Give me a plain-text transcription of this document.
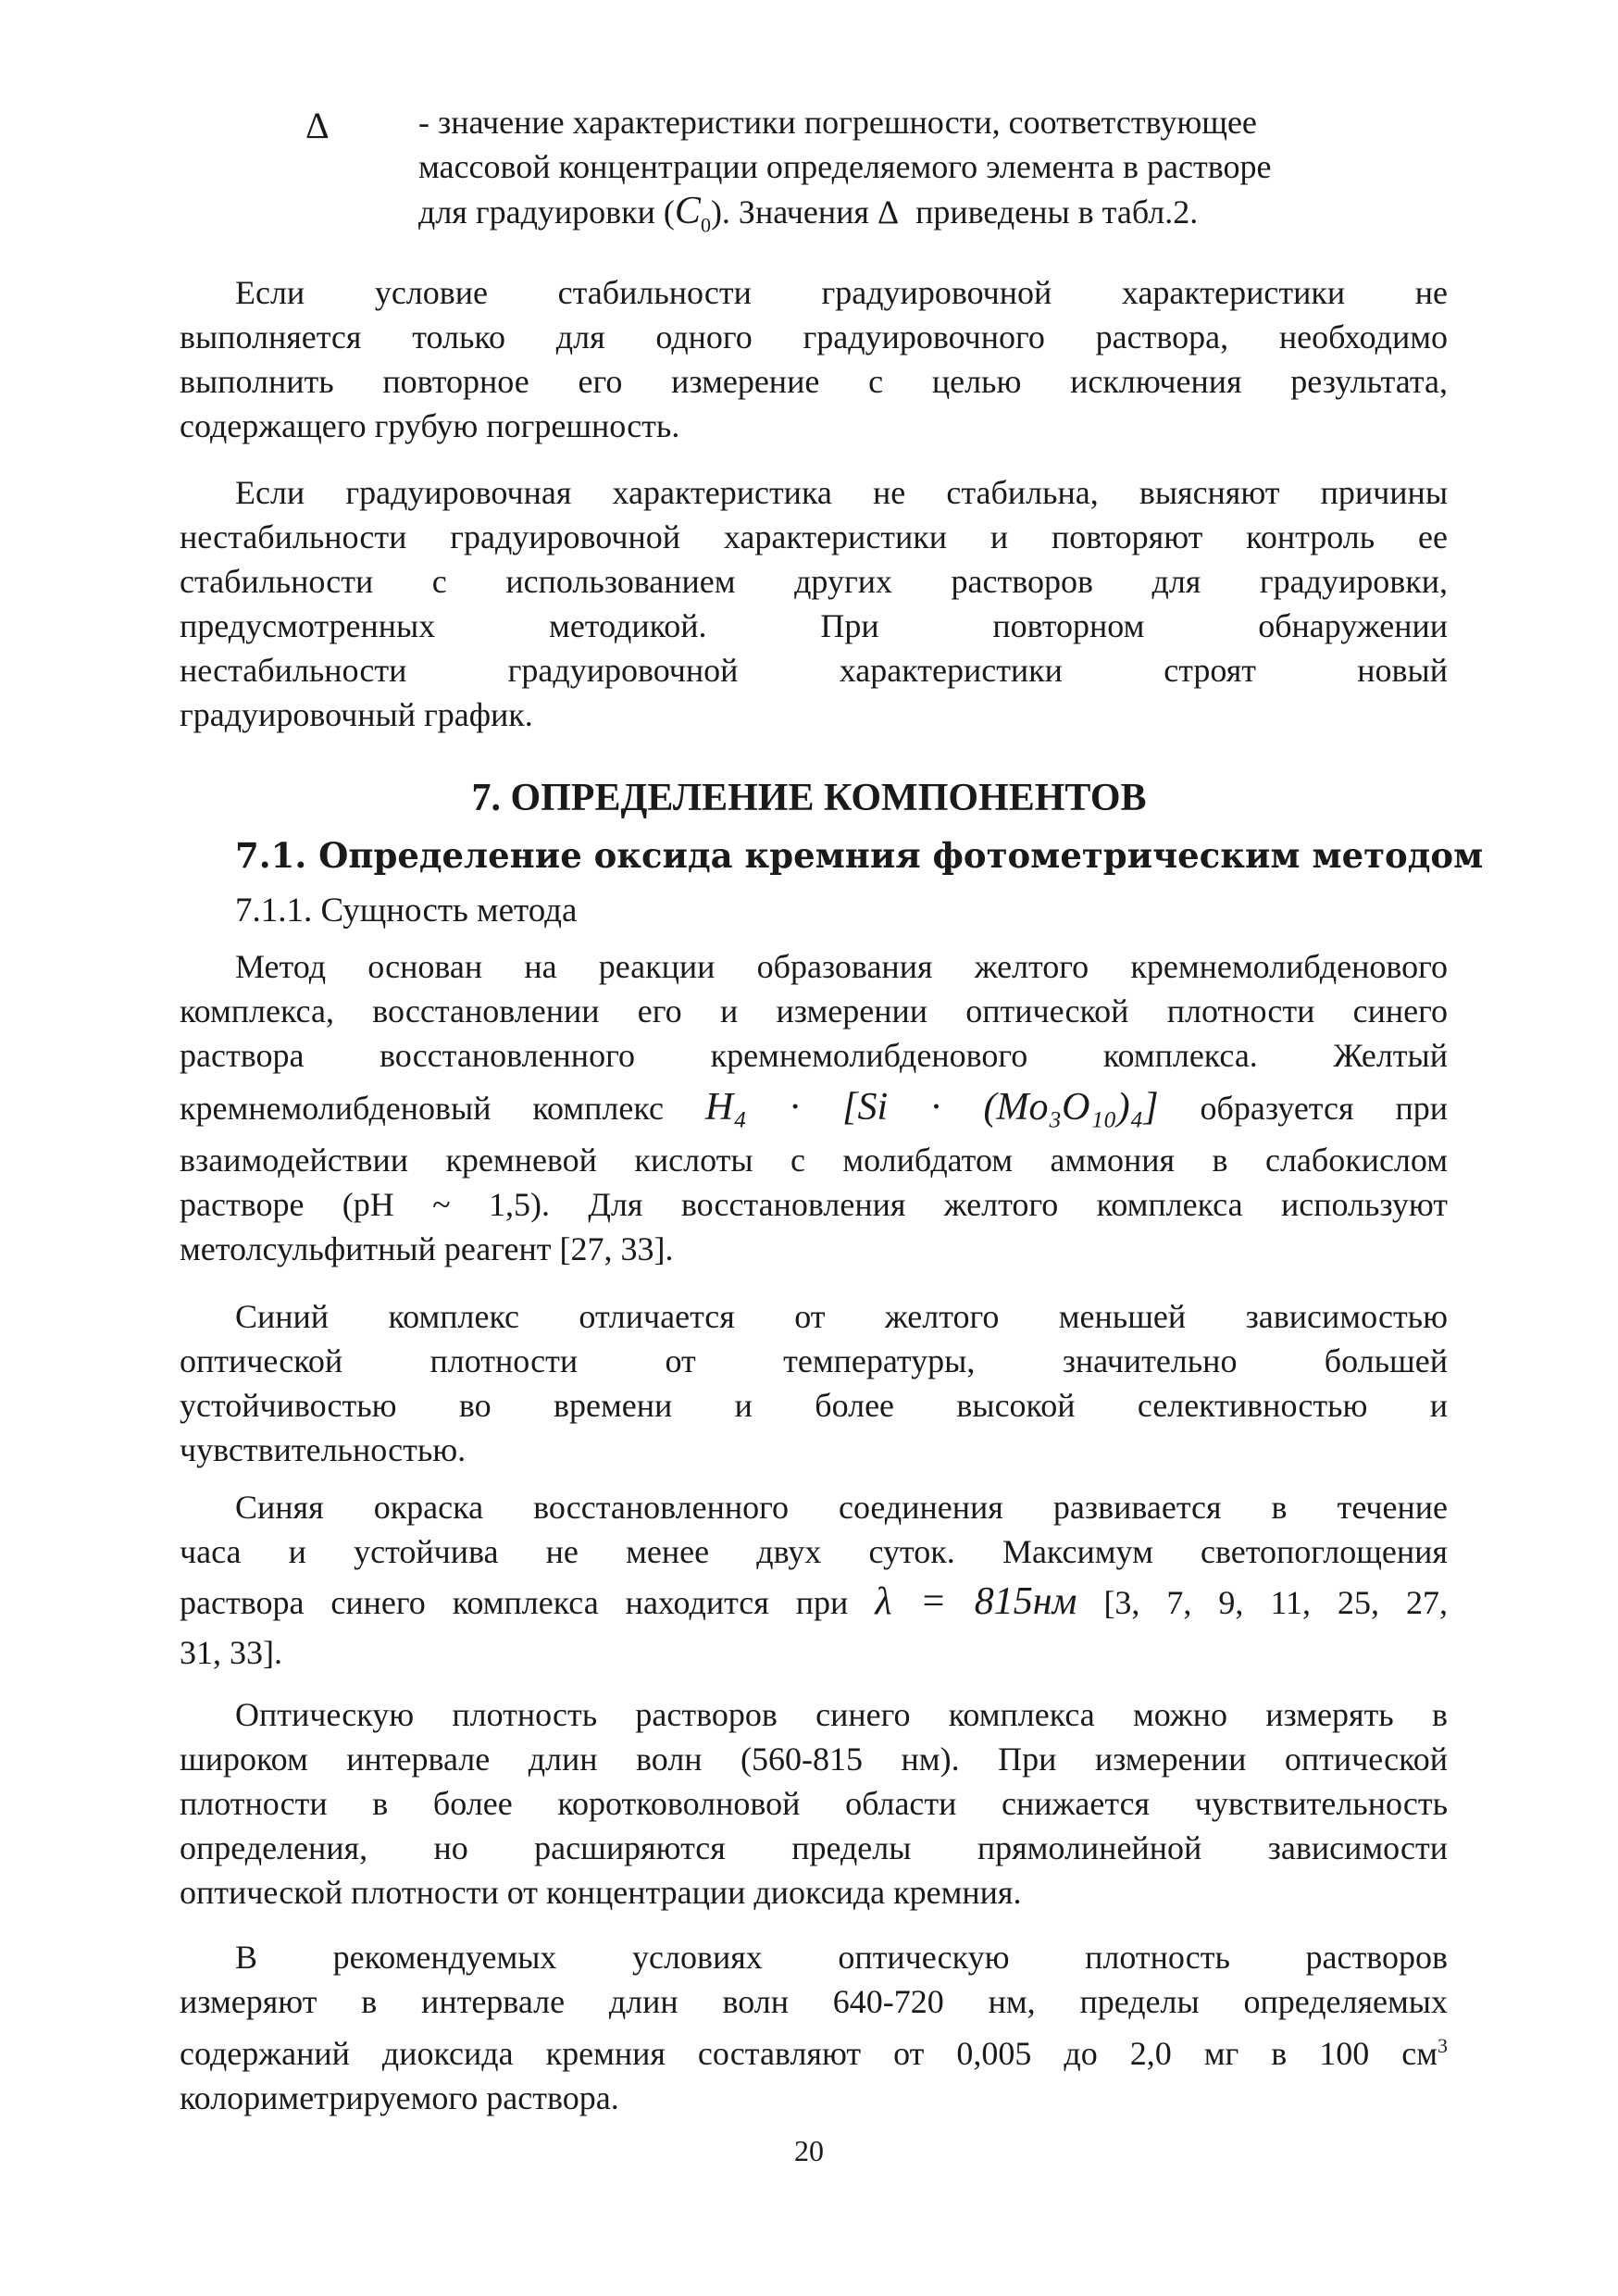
Δ	- значение характеристики погрешности, соответствующее
массовой концентрации определяемого элемента в растворе
для градуировки $(C_0)$. Значения Δ приведены в табл.2.

Если условие стабильности градуировочной характеристики не
выполняется только для одного градуировочного раствора, необходимо
выполнить повторное его измерение с целью исключения результата,
содержащего грубую погрешность.

Если градуировочная характеристика не стабильна, выясняют причины
нестабильности градуировочной характеристики и повторяют контроль ее
стабильности с использованием других растворов для градуировки,
предусмотренных методикой. При повторном обнаружении
нестабильности градуировочной характеристики строят новый
градуировочный график.

7. ОПРЕДЕЛЕНИЕ КОМПОНЕНТОВ
7.1. Определение оксида кремния фотометрическим методом
7.1.1. Сущность метода

Метод основан на реакции образования желтого кремнемолибденового
комплекса, восстановлении его и измерении оптической плотности синего
раствора восстановленного кремнемолибденового комплекса. Желтый
кремнемолибденовый комплекс H₄ · [Si · (Mo₃O₁₀)₄] образуется при
взаимодействии кремневой кислоты с молибдатом аммония в слабокислом
растворе (pH ~ 1,5). Для восстановления желтого комплекса используют
метолсульфитный реагент [27, 33].

Синий комплекс отличается от желтого меньшей зависимостью
оптической плотности от температуры, значительно большей
устойчивостью во времени и более высокой селективностью и
чувствительностью.

Синяя окраска восстановленного соединения развивается в течение
часа и устойчива не менее двух суток. Максимум светопоглощения
раствора синего комплекса находится при λ = 815нм [3, 7, 9, 11, 25, 27,
31, 33].

Оптическую плотность растворов синего комплекса можно измерять в
широком интервале длин волн (560-815 нм). При измерении оптической
плотности в более коротковолновой области снижается чувствительность
определения, но расширяются пределы прямолинейной зависимости
оптической плотности от концентрации диоксида кремния.

В рекомендуемых условиях оптическую плотность растворов
измеряют в интервале длин волн 640-720 нм, пределы определяемых
содержаний диоксида кремния составляют от 0,005 до 2,0 мг в 100 $см^3$
колориметрируемого раствора.

20
